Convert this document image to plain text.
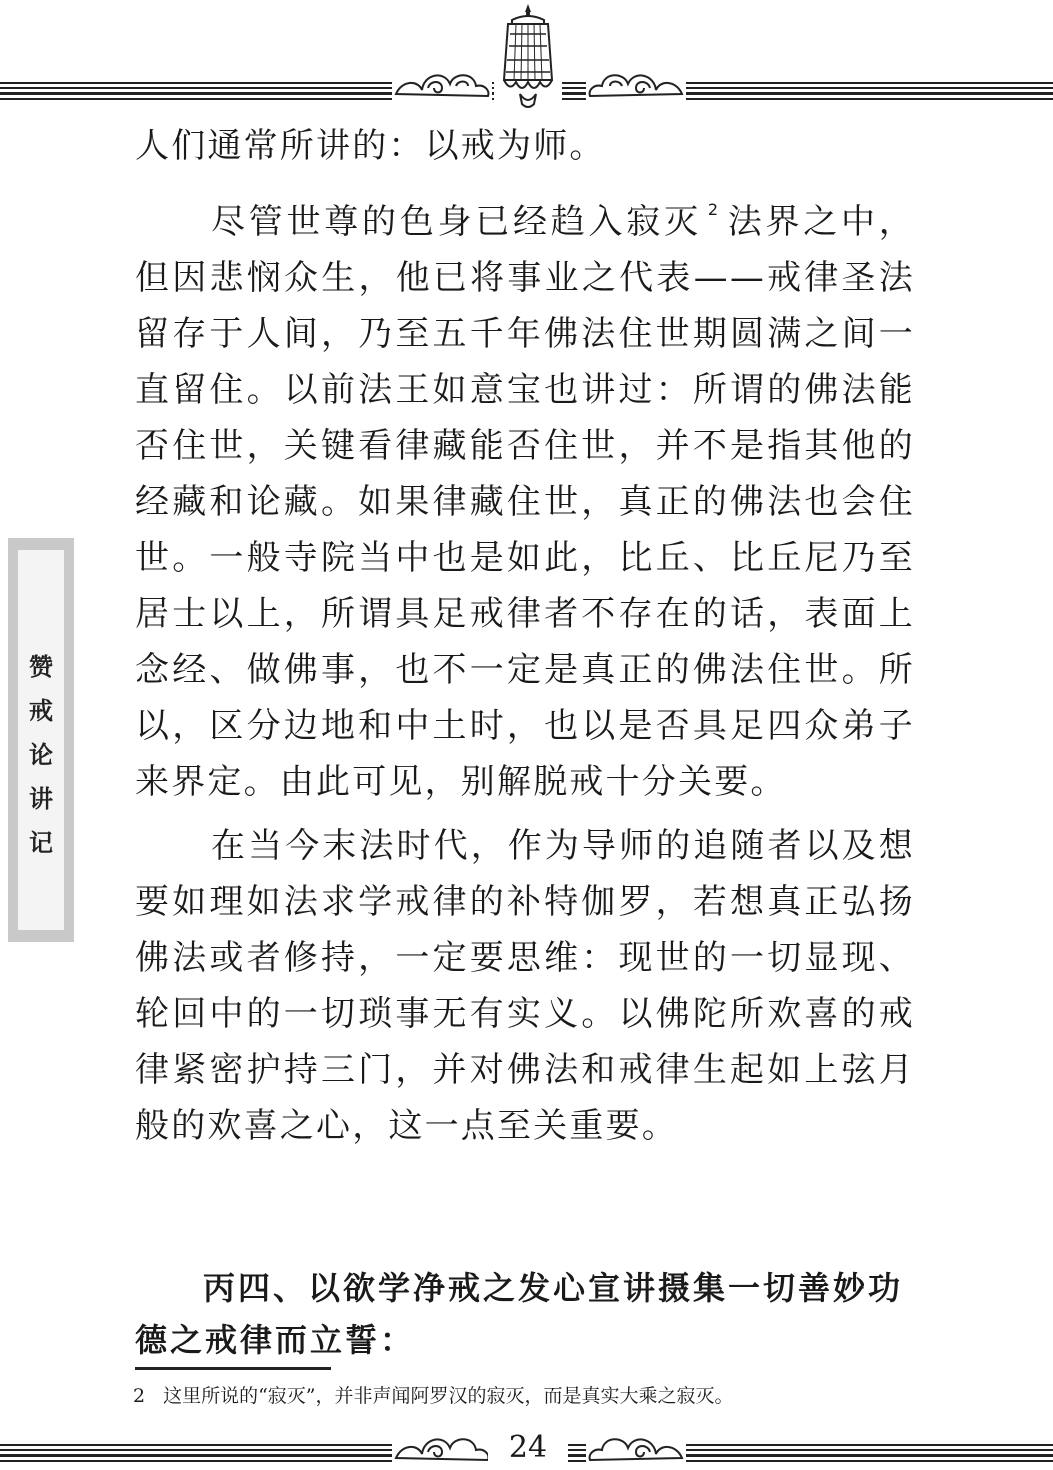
赞
戒
论
讲
记

人们通常所讲的：以戒为师。

尽管世尊的色身已经趋入寂灭 $^2$ 法界之中，但因悲悯众生，他已将事业之代表——戒律圣法留存于人间，乃至五千年佛法住世期圆满之间一直留住。以前法王如意宝也讲过：所谓的佛法能否住世，关键看律藏能否住世，并不是指其他的经藏和论藏。如果律藏住世，真正的佛法也会住世。一般寺院当中也是如此，比丘、比丘尼乃至居士以上，所谓具足戒律者不存在的话，表面上念经、做佛事，也不一定是真正的佛法住世。所以，区分边地和中土时，也以是否具足四众弟子来界定。由此可见，别解脱戒十分关要。

在当今末法时代，作为导师的追随者以及想要如理如法求学戒律的补特伽罗，若想真正弘扬佛法或者修持，一定要思维：现世的一切显现、轮回中的一切琐事无有实义。以佛陀所欢喜的戒律紧密护持三门，并对佛法和戒律生起如上弦月般的欢喜之心，这一点至关重要。

丙四、以欲学净戒之发心宣讲摄集一切善妙功德之戒律而立誓：

2 这里所说的“寂灭”，并非声闻阿罗汉的寂灭，而是真实大乘之寂灭。
24
